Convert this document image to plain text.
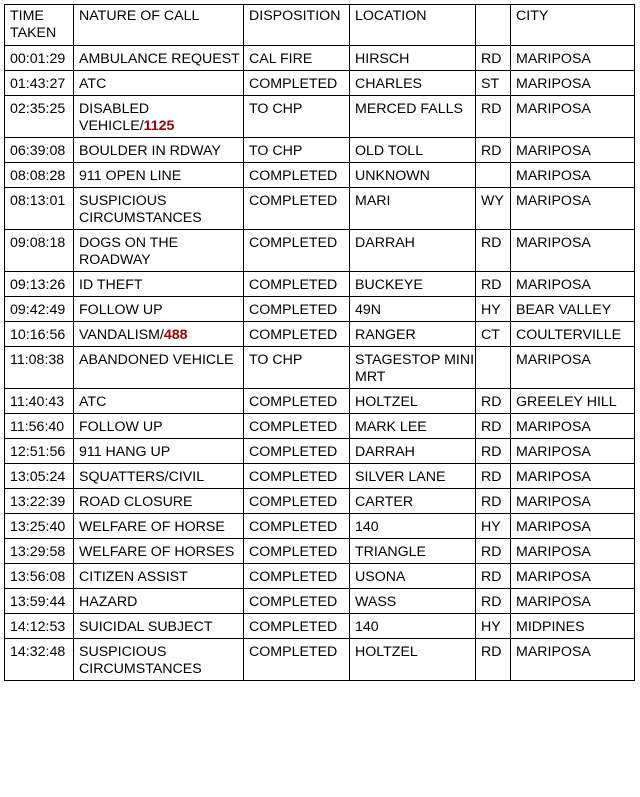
TIME TAKEN	NATURE OF CALL	DISPOSITION	LOCATION		CITY
00:01:29	AMBULANCE REQUEST	CAL FIRE	HIRSCH	RD	MARIPOSA
01:43:27	ATC	COMPLETED	CHARLES	ST	MARIPOSA
02:35:25	DISABLED VEHICLE/1125	TO CHP	MERCED FALLS	RD	MARIPOSA
06:39:08	BOULDER IN RDWAY	TO CHP	OLD TOLL	RD	MARIPOSA
08:08:28	911 OPEN LINE	COMPLETED	UNKNOWN		MARIPOSA
08:13:01	SUSPICIOUS CIRCUMSTANCES	COMPLETED	MARI	WY	MARIPOSA
09:08:18	DOGS ON THE ROADWAY	COMPLETED	DARRAH	RD	MARIPOSA
09:13:26	ID THEFT	COMPLETED	BUCKEYE	RD	MARIPOSA
09:42:49	FOLLOW UP	COMPLETED	49N	HY	BEAR VALLEY
10:16:56	VANDALISM/488	COMPLETED	RANGER	CT	COULTERVILLE
11:08:38	ABANDONED VEHICLE	TO CHP	STAGESTOP MINI MRT		MARIPOSA
11:40:43	ATC	COMPLETED	HOLTZEL	RD	GREELEY HILL
11:56:40	FOLLOW UP	COMPLETED	MARK LEE	RD	MARIPOSA
12:51:56	911 HANG UP	COMPLETED	DARRAH	RD	MARIPOSA
13:05:24	SQUATTERS/CIVIL	COMPLETED	SILVER LANE	RD	MARIPOSA
13:22:39	ROAD CLOSURE	COMPLETED	CARTER	RD	MARIPOSA
13:25:40	WELFARE OF HORSE	COMPLETED	140	HY	MARIPOSA
13:29:58	WELFARE OF HORSES	COMPLETED	TRIANGLE	RD	MARIPOSA
13:56:08	CITIZEN ASSIST	COMPLETED	USONA	RD	MARIPOSA
13:59:44	HAZARD	COMPLETED	WASS	RD	MARIPOSA
14:12:53	SUICIDAL SUBJECT	COMPLETED	140	HY	MIDPINES
14:32:48	SUSPICIOUS CIRCUMSTANCES	COMPLETED	HOLTZEL	RD	MARIPOSA
